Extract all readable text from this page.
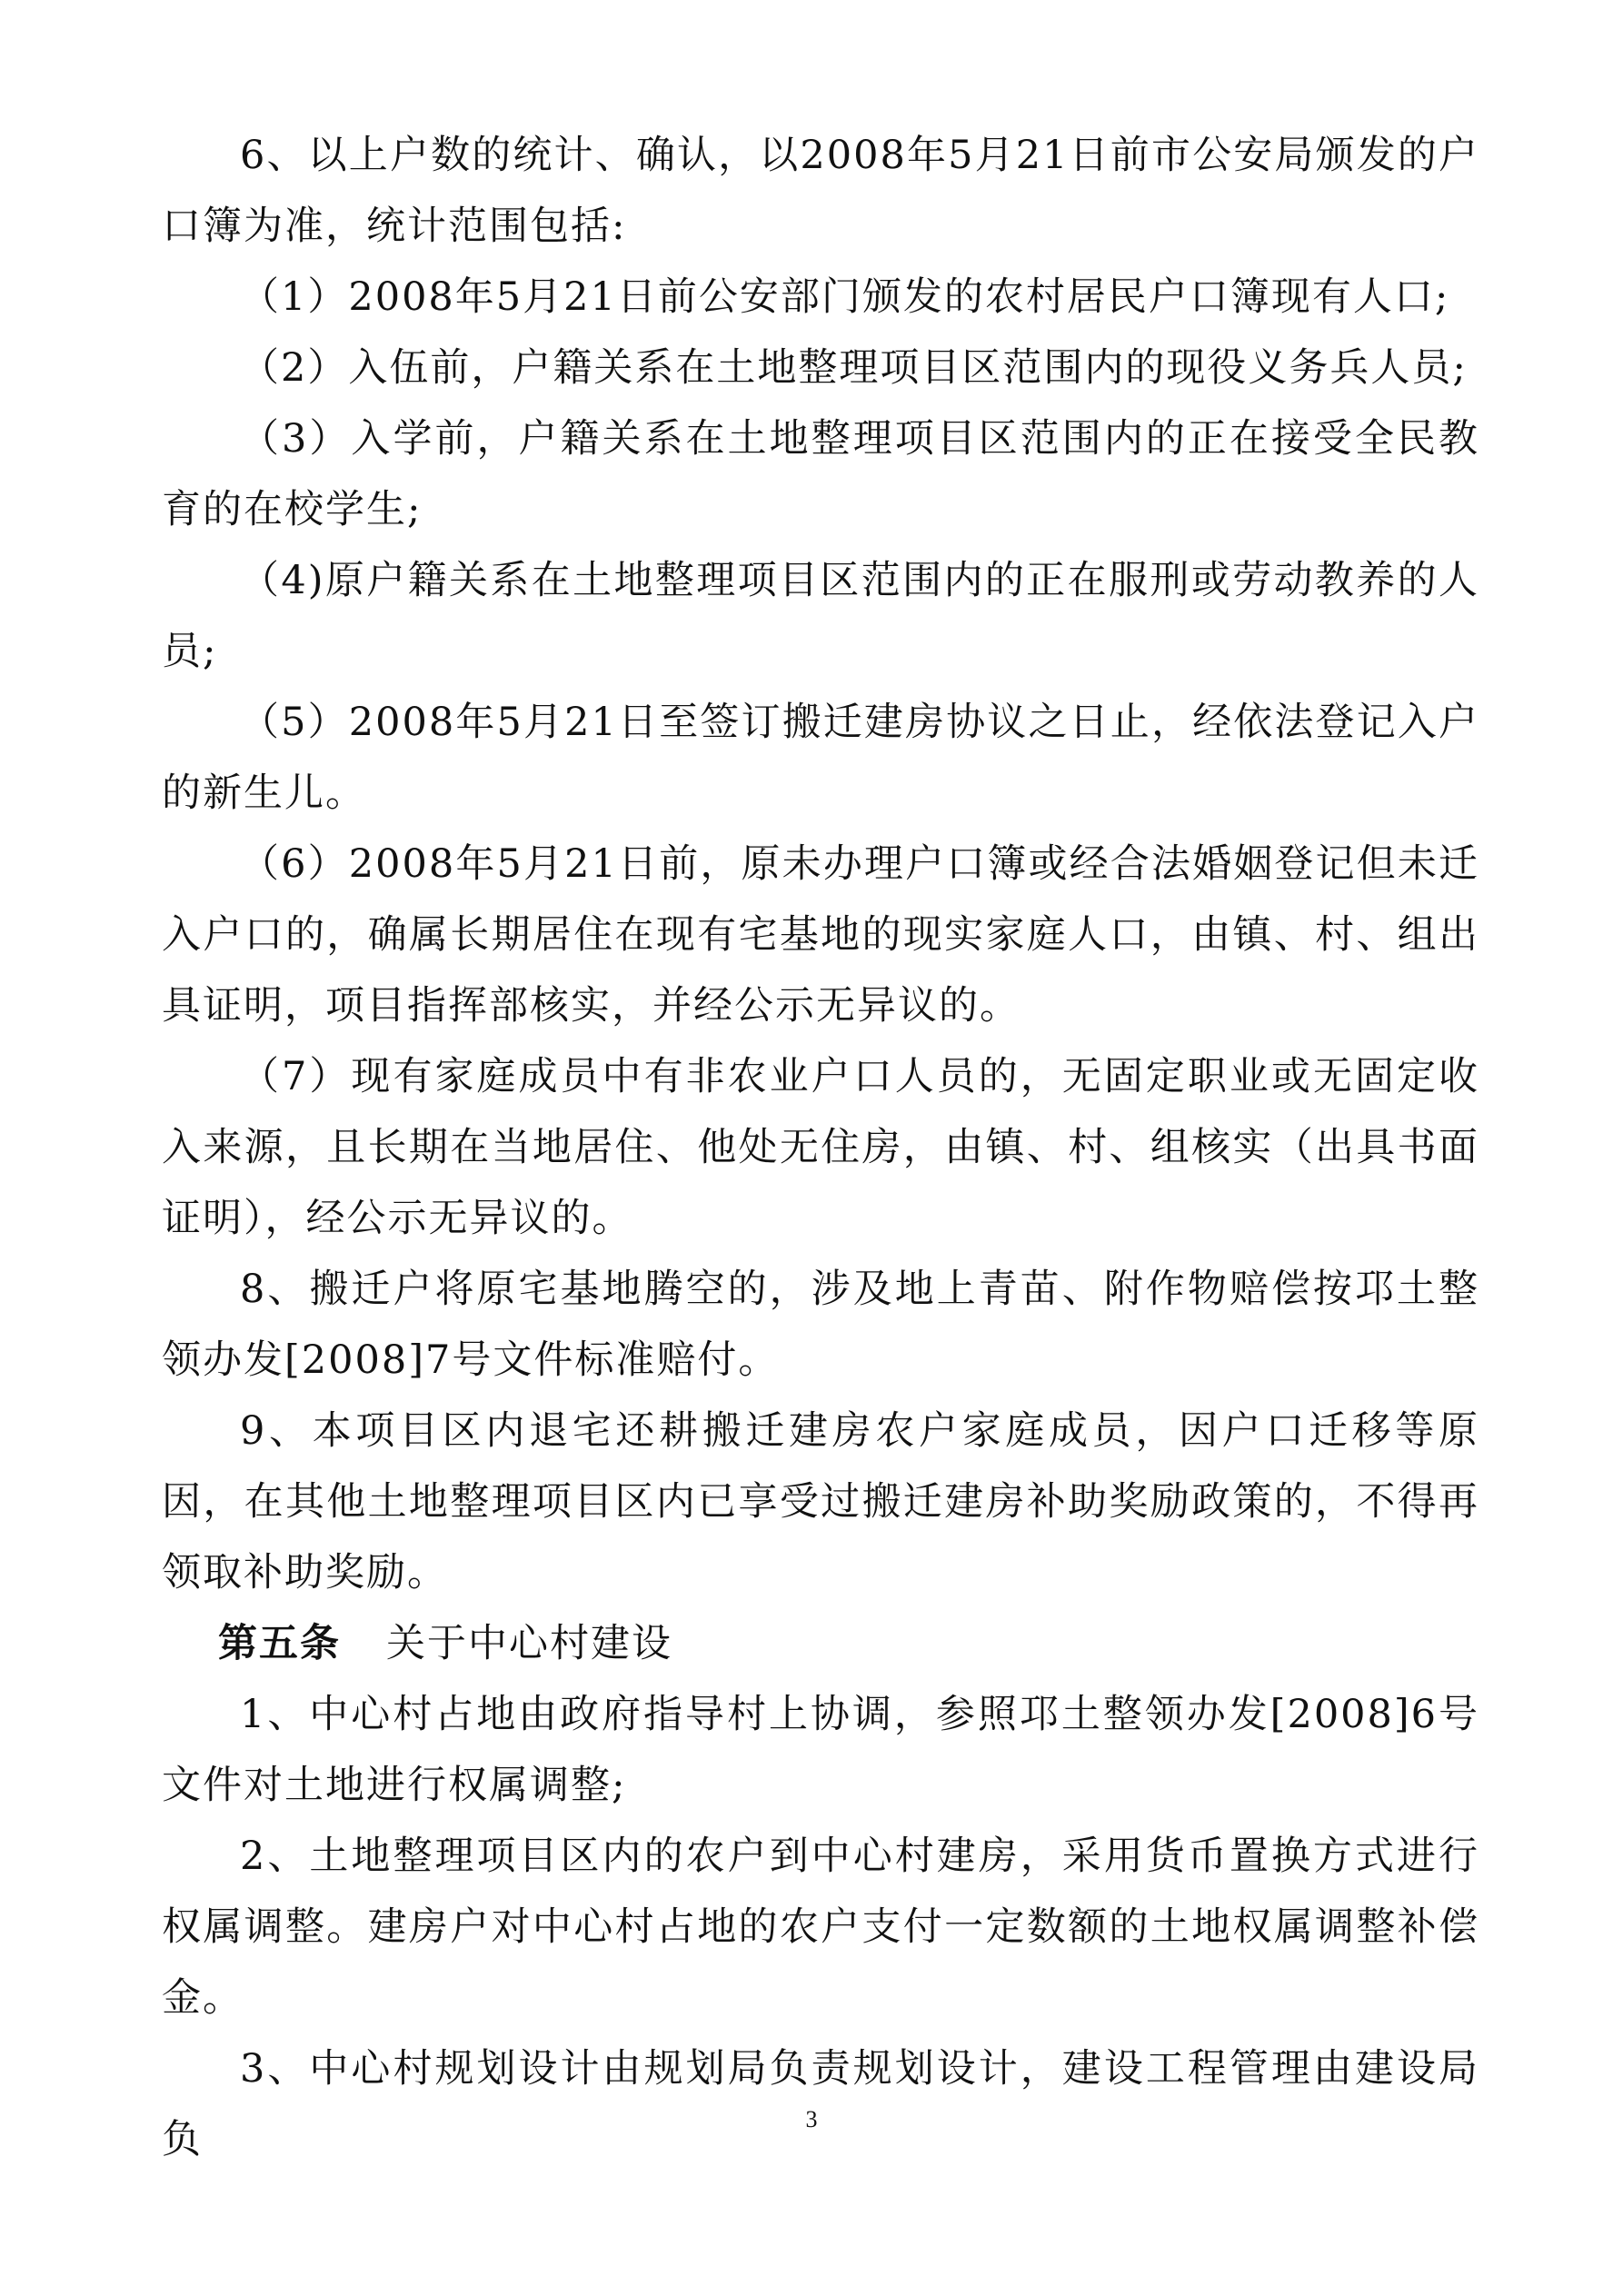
6、以上户数的统计、确认，以2008年5月21日前市公安局颁发的户口簿为准，统计范围包括:

（1）2008年5月21日前公安部门颁发的农村居民户口簿现有人口;

（2）入伍前，户籍关系在土地整理项目区范围内的现役义务兵人员;

（3）入学前，户籍关系在土地整理项目区范围内的正在接受全民教育的在校学生;

（4)原户籍关系在土地整理项目区范围内的正在服刑或劳动教养的人员;

（5）2008年5月21日至签订搬迁建房协议之日止，经依法登记入户的新生儿。

（6）2008年5月21日前，原未办理户口簿或经合法婚姻登记但未迁入户口的，确属长期居住在现有宅基地的现实家庭人口，由镇、村、组出具证明，项目指挥部核实，并经公示无异议的。

（7）现有家庭成员中有非农业户口人员的，无固定职业或无固定收入来源，且长期在当地居住、他处无住房，由镇、村、组核实（出具书面证明），经公示无异议的。

8、搬迁户将原宅基地腾空的，涉及地上青苗、附作物赔偿按邛土整领办发[2008]7号文件标准赔付。

9、本项目区内退宅还耕搬迁建房农户家庭成员，因户口迁移等原因，在其他土地整理项目区内已享受过搬迁建房补助奖励政策的，不得再领取补助奖励。

第五条 关于中心村建设

1、中心村占地由政府指导村上协调，参照邛土整领办发[2008]6号文件对土地进行权属调整;

2、土地整理项目区内的农户到中心村建房，采用货币置换方式进行权属调整。建房户对中心村占地的农户支付一定数额的土地权属调整补偿金。

3、中心村规划设计由规划局负责规划设计，建设工程管理由建设局负	3
